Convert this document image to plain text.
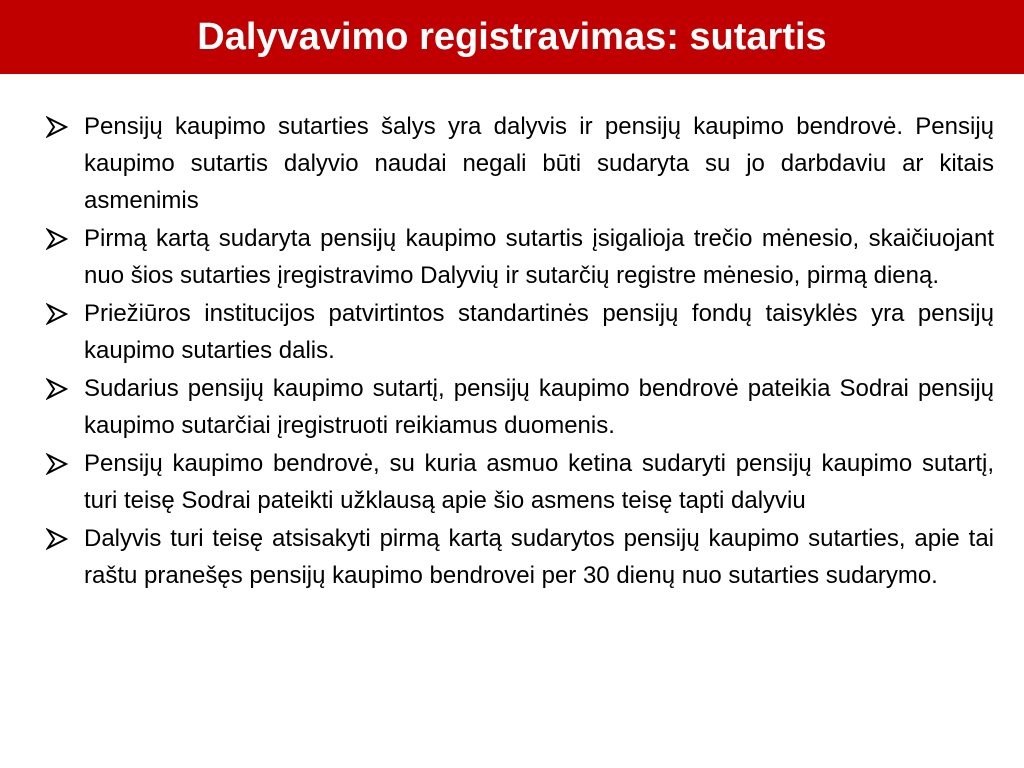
Dalyvavimo registravimas: sutartis
Pensijų kaupimo sutarties šalys yra dalyvis ir pensijų kaupimo bendrovė. Pensijų kaupimo sutartis dalyvio naudai negali būti sudaryta su jo darbdaviu ar kitais asmenimis
Pirmą kartą sudaryta pensijų kaupimo sutartis įsigalioja trečio mėnesio, skaičiuojant nuo šios sutarties įregistravimo Dalyvių ir sutarčių registre mėnesio, pirmą dieną.
Priežiūros institucijos patvirtintos standartinės pensijų fondų taisyklės yra pensijų kaupimo sutarties dalis.
Sudarius pensijų kaupimo sutartį, pensijų kaupimo bendrovė pateikia Sodrai pensijų kaupimo sutarčiai įregistruoti reikiamus duomenis.
Pensijų kaupimo bendrovė, su kuria asmuo ketina sudaryti pensijų kaupimo sutartį, turi teisę Sodrai pateikti užklausą apie šio asmens teisę tapti dalyviu
Dalyvis turi teisę atsisakyti pirmą kartą sudarytos pensijų kaupimo sutarties, apie tai raštu pranešęs pensijų kaupimo bendrovei per 30 dienų nuo sutarties sudarymo.
